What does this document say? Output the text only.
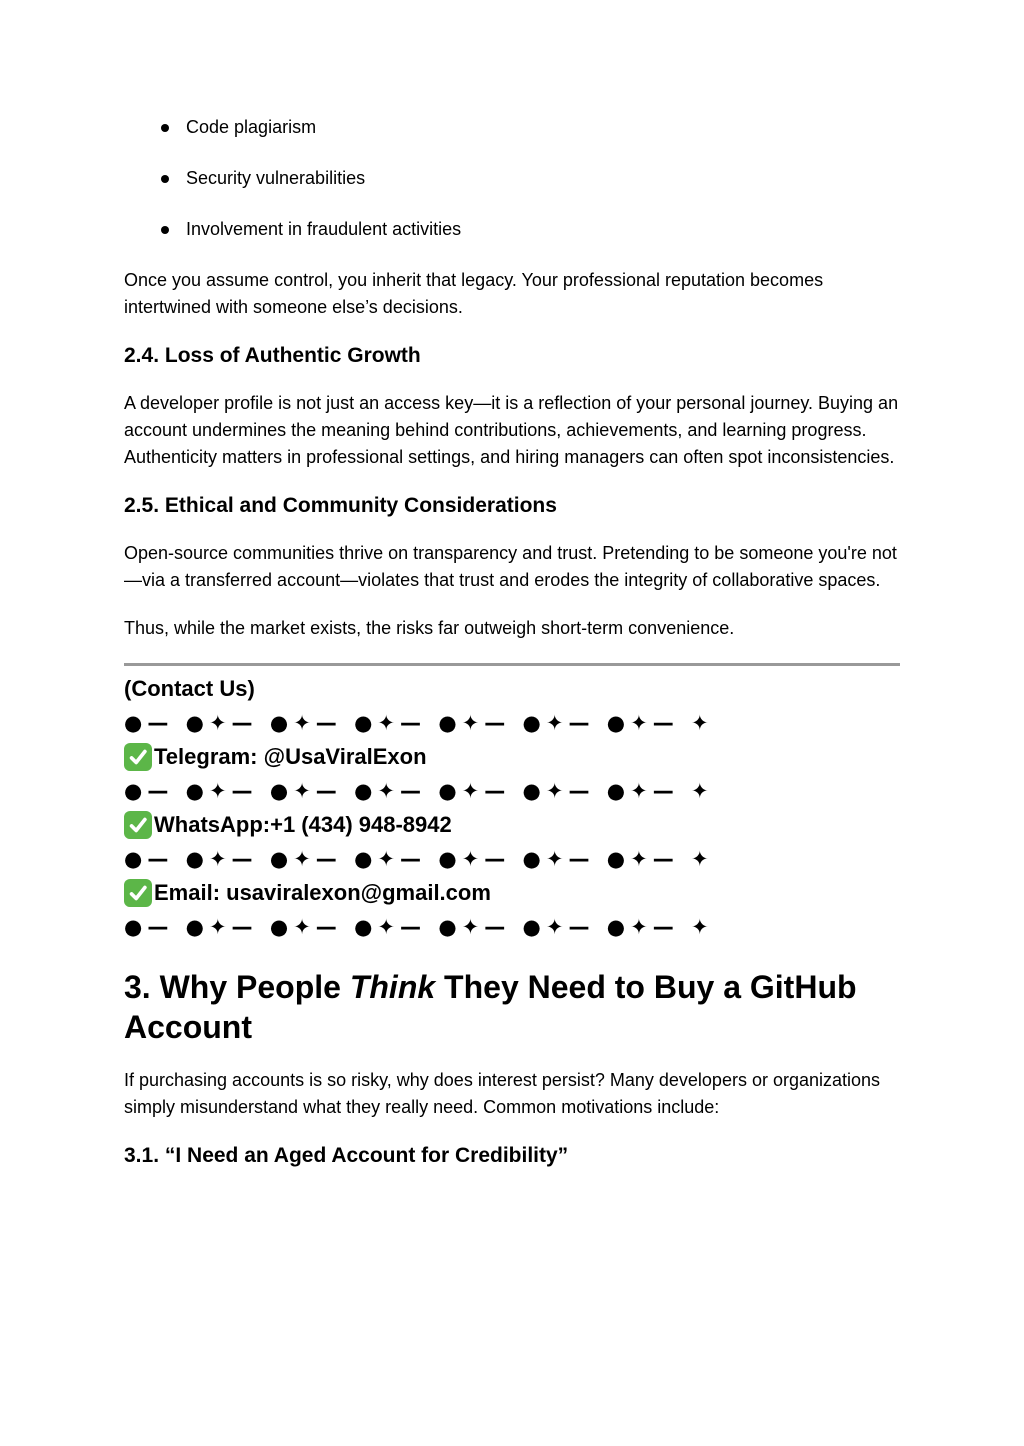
Code plagiarism
Security vulnerabilities
Involvement in fraudulent activities

Once you assume control, you inherit that legacy. Your professional reputation becomes intertwined with someone else’s decisions.

2.4. Loss of Authentic Growth

A developer profile is not just an access key—it is a reflection of your personal journey. Buying an account undermines the meaning behind contributions, achievements, and learning progress. Authenticity matters in professional settings, and hiring managers can often spot inconsistencies.

2.5. Ethical and Community Considerations

Open-source communities thrive on transparency and trust. Pretending to be someone you're not—via a transferred account—violates that trust and erodes the integrity of collaborative spaces.

Thus, while the market exists, the risks far outweigh short-term convenience.

(Contact Us)
●— ●✦— ●✦— ●✦— ●✦— ●✦— ●✦— ✦
Telegram: @UsaViralExon
●— ●✦— ●✦— ●✦— ●✦— ●✦— ●✦— ✦
WhatsApp:+1 (434) 948-8942
●— ●✦— ●✦— ●✦— ●✦— ●✦— ●✦— ✦
Email: usaviralexon@gmail.com
●— ●✦— ●✦— ●✦— ●✦— ●✦— ●✦— ✦
3. Why People Think They Need to Buy a GitHub Account

If purchasing accounts is so risky, why does interest persist? Many developers or organizations simply misunderstand what they really need. Common motivations include:

3.1. “I Need an Aged Account for Credibility”
